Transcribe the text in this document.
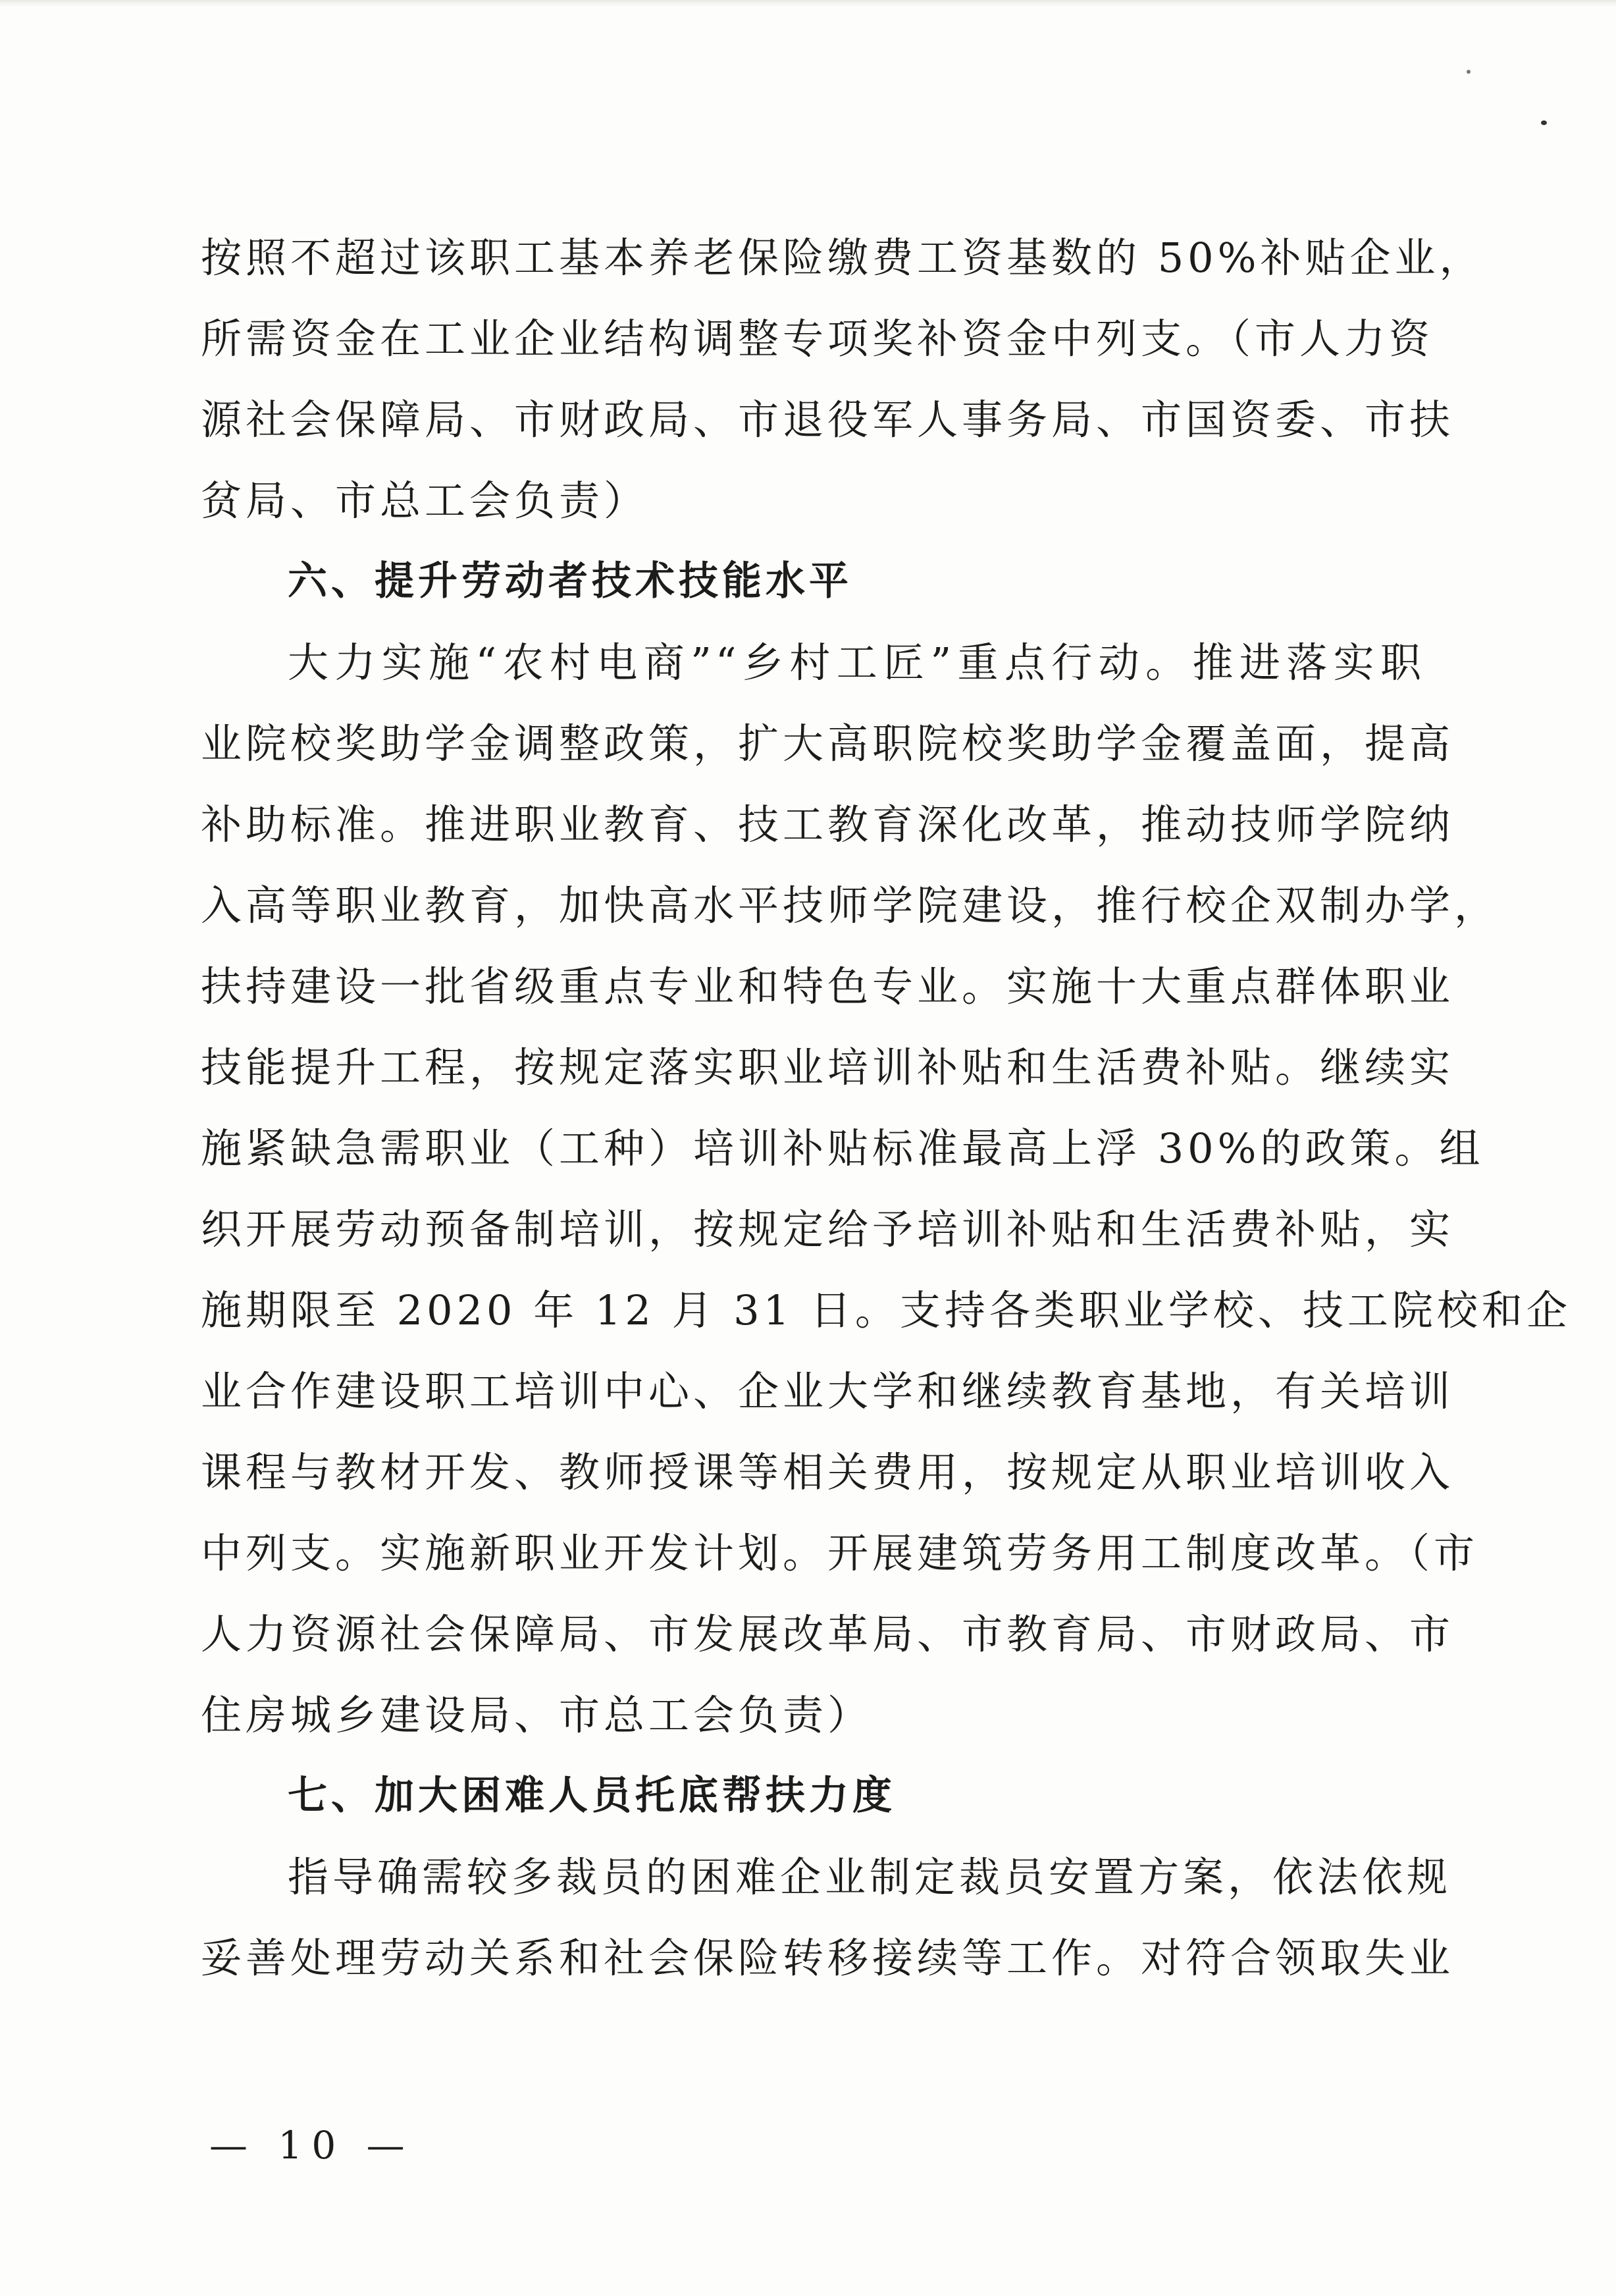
按照不超过该职工基本养老保险缴费工资基数的 50%补贴企业，
所需资金在工业企业结构调整专项奖补资金中列支。（市人力资
源社会保障局、市财政局、市退役军人事务局、市国资委、市扶
贫局、市总工会负责）
六、提升劳动者技术技能水平
大力实施“农村电商”“乡村工匠”重点行动。推进落实职
业院校奖助学金调整政策，扩大高职院校奖助学金覆盖面，提高
补助标准。推进职业教育、技工教育深化改革，推动技师学院纳
入高等职业教育，加快高水平技师学院建设，推行校企双制办学，
扶持建设一批省级重点专业和特色专业。实施十大重点群体职业
技能提升工程，按规定落实职业培训补贴和生活费补贴。继续实
施紧缺急需职业（工种）培训补贴标准最高上浮 30%的政策。组
织开展劳动预备制培训，按规定给予培训补贴和生活费补贴，实
施期限至 2020 年 12 月 31 日。支持各类职业学校、技工院校和企
业合作建设职工培训中心、企业大学和继续教育基地，有关培训
课程与教材开发、教师授课等相关费用，按规定从职业培训收入
中列支。实施新职业开发计划。开展建筑劳务用工制度改革。（市
人力资源社会保障局、市发展改革局、市教育局、市财政局、市
住房城乡建设局、市总工会负责）
七、加大困难人员托底帮扶力度
指导确需较多裁员的困难企业制定裁员安置方案，依法依规
妥善处理劳动关系和社会保险转移接续等工作。对符合领取失业
— 10 —
